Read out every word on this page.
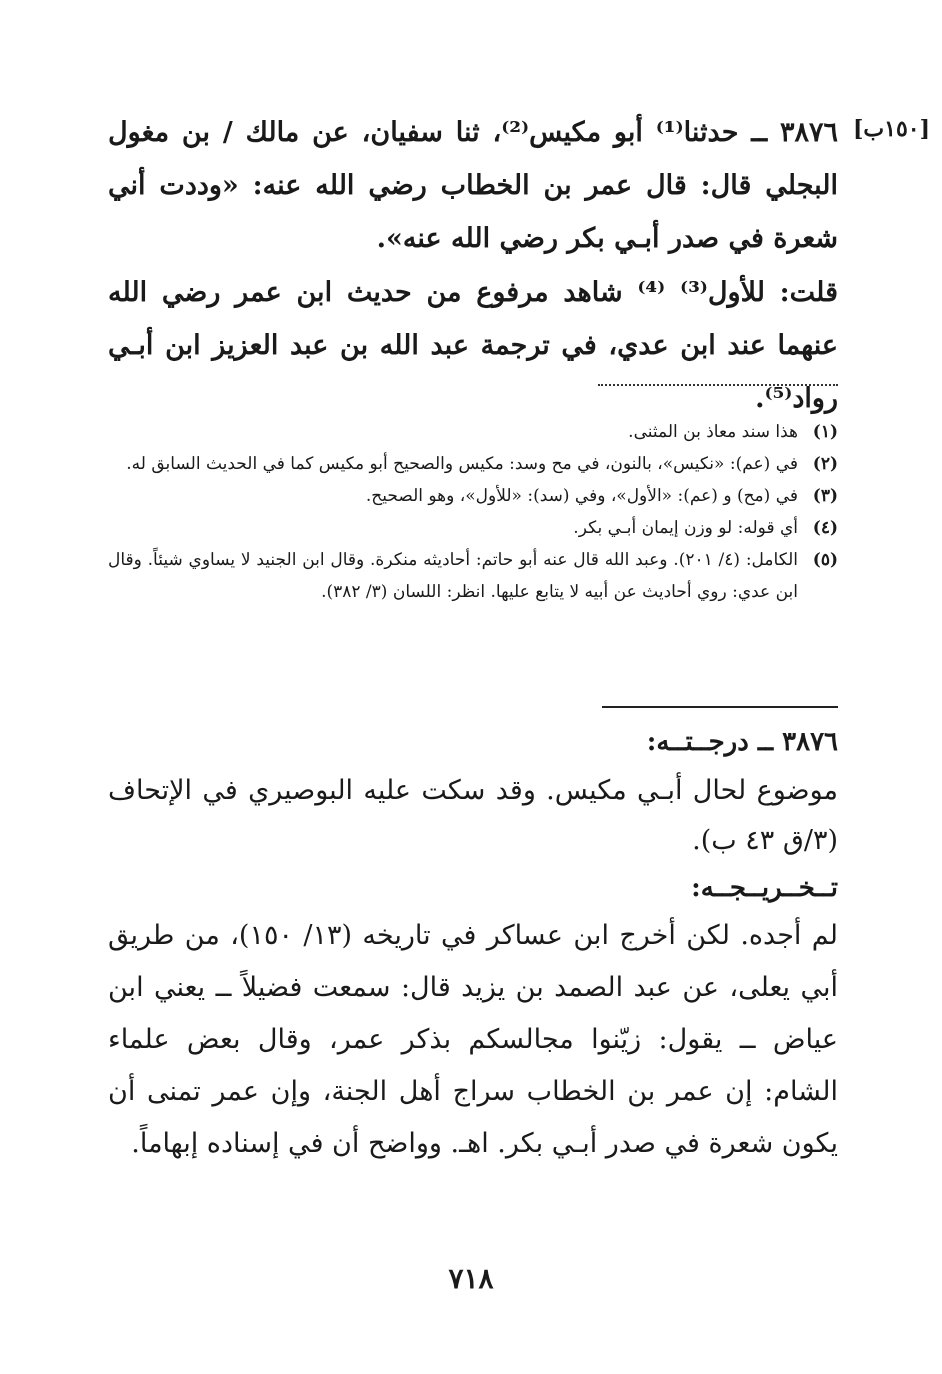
[١٥٠ب]
٣٨٧٦ ــ حدثنا⁽¹⁾ أبو مكيس⁽²⁾، ثنا سفيان، عن مالك / بن مغول البجلي قال: قال عمر بن الخطاب رضي الله عنه: «وددت أني شعرة في صدر أبـي بكر رضي الله عنه».
قلت: للأول⁽³⁾ ⁽⁴⁾ شاهد مرفوع من حديث ابن عمر رضي الله عنهما عند ابن عدي، في ترجمة عبد الله بن عبد العزيز ابن أبـي رواد⁽⁵⁾.
(١)
هذا سند معاذ بن المثنى.
(٢)
في (عم): «نكيس»، بالنون، في مح وسد: مكيس والصحيح أبو مكيس كما في الحديث السابق له.
(٣)
في (مح) و (عم): «الأول»، وفي (سد): «للأول»، وهو الصحيح.
(٤)
أي قوله: لو وزن إيمان أبـي بكر.
(٥)
الكامل: (٤/ ٢٠١). وعبد الله قال عنه أبو حاتم: أحاديثه منكرة. وقال ابن الجنيد لا يساوي شيئاً. وقال ابن عدي: روي أحاديث عن أبيه لا يتابع عليها. انظر: اللسان (٣/ ٣٨٢).
٣٨٧٦ ــ درجــتــه:
موضوع لحال أبـي مكيس. وقد سكت عليه البوصيري في الإتحاف (٣/ق ٤٣ ب).
تــخــريــجــه:
لم أجده. لكن أخرج ابن عساكر في تاريخه (١٣/ ١٥٠)، من طريق أبي يعلى، عن عبد الصمد بن يزيد قال: سمعت فضيلاً ــ يعني ابن عياض ــ يقول: زيّنوا مجالسكم بذكر عمر، وقال بعض علماء الشام: إن عمر بن الخطاب سراج أهل الجنة، وإن عمر تمنى أن يكون شعرة في صدر أبـي بكر. اهـ. وواضح أن في إسناده إبهاماً.
٧١٨
